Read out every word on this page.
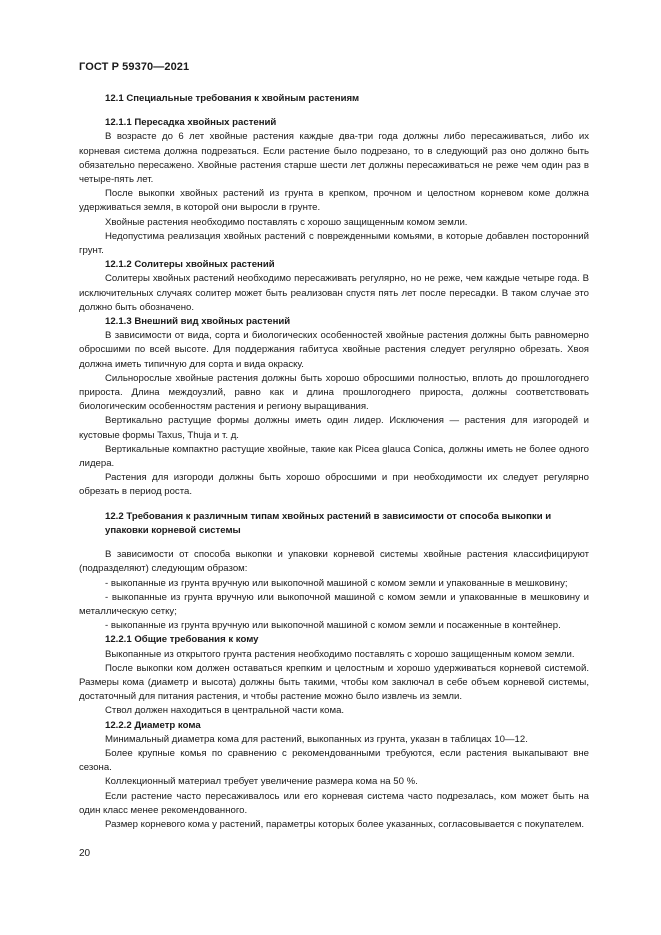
ГОСТ Р 59370—2021
12.1 Специальные требования к хвойным растениям
12.1.1 Пересадка хвойных растений

В возрасте до 6 лет хвойные растения каждые два-три года должны либо пересаживаться, либо их корневая система должна подрезаться. Если растение было подрезано, то в следующий раз оно должно быть обязательно пересажено. Хвойные растения старше шести лет должны пересаживаться не реже чем один раз в четыре-пять лет.

После выкопки хвойных растений из грунта в крепком, прочном и целостном корневом коме должна удерживаться земля, в которой они выросли в грунте.

Хвойные растения необходимо поставлять с хорошо защищенным комом земли.

Недопустима реализация хвойных растений с поврежденными комьями, в которые добавлен посторонний грунт.

12.1.2 Солитеры хвойных растений

Солитеры хвойных растений необходимо пересаживать регулярно, но не реже, чем каждые четыре года. В исключительных случаях солитер может быть реализован спустя пять лет после пересадки. В таком случае это должно быть обозначено.

12.1.3 Внешний вид хвойных растений

В зависимости от вида, сорта и биологических особенностей хвойные растения должны быть равномерно обросшими по всей высоте. Для поддержания габитуса хвойные растения следует регулярно обрезать. Хвоя должна иметь типичную для сорта и вида окраску.

Сильнорослые хвойные растения должны быть хорошо обросшими полностью, вплоть до прошлогоднего прироста. Длина междоузлий, равно как и длина прошлогоднего прироста, должны соответствовать биологическим особенностям растения и региону выращивания.

Вертикально растущие формы должны иметь один лидер. Исключения — растения для изгородей и кустовые формы Taxus, Thuja и т. д.

Вертикальные компактно растущие хвойные, такие как Picea glauca Conica, должны иметь не более одного лидера.

Растения для изгороди должны быть хорошо обросшими и при необходимости их следует регулярно обрезать в период роста.

12.2 Требования к различным типам хвойных растений в зависимости от способа выкопки и упаковки корневой системы

В зависимости от способа выкопки и упаковки корневой системы хвойные растения классифицируют (подразделяют) следующим образом:

- выкопанные из грунта вручную или выкопочной машиной с комом земли и упакованные в мешковину;

- выкопанные из грунта вручную или выкопочной машиной с комом земли и упакованные в мешковину и металлическую сетку;

- выкопанные из грунта вручную или выкопочной машиной с комом земли и посаженные в контейнер.

12.2.1 Общие требования к кому

Выкопанные из открытого грунта растения необходимо поставлять с хорошо защищенным комом земли.

После выкопки ком должен оставаться крепким и целостным и хорошо удерживаться корневой системой. Размеры кома (диаметр и высота) должны быть такими, чтобы ком заключал в себе объем корневой системы, достаточный для питания растения, и чтобы растение можно было извлечь из земли.

Ствол должен находиться в центральной части кома.

12.2.2 Диаметр кома

Минимальный диаметра кома для растений, выкопанных из грунта, указан в таблицах 10—12.

Более крупные комья по сравнению с рекомендованными требуются, если растения выкапывают вне сезона.

Коллекционный материал требует увеличение размера кома на 50 %.

Если растение часто пересаживалось или его корневая система часто подрезалась, ком может быть на один класс менее рекомендованного.

Размер корневого кома у растений, параметры которых более указанных, согласовывается с покупателем.

20
